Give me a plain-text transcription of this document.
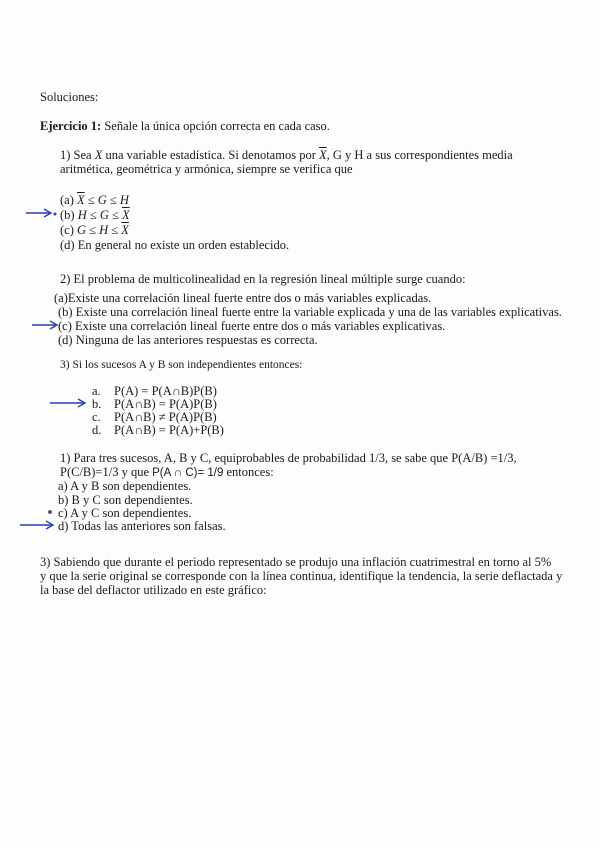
Soluciones:
Ejercicio 1: Señale la única opción correcta en cada caso.
1) Sea X una variable estadística. Si denotamos por $\overline{X}$, G y H a sus correspondientes media
aritmética, geométrica y armónica, siempre se verifica que
(a) $\overline{X} \le G \le H$
(b) $H \le G \le \overline{X}$
(c) $G \le H \le \overline{X}$
(d) En general no existe un orden establecido.
2) El problema de multicolinealidad en la regresión lineal múltiple surge cuando:
(a)Existe una correlación lineal fuerte entre dos o más variables explicadas.
(b) Existe una correlación lineal fuerte entre la variable explicada y una de las variables explicativas.
(c) Existe una correlación lineal fuerte entre dos o más variables explicativas.
(d) Ninguna de las anteriores respuestas es correcta.
3) Si los sucesos A y B son independientes entonces:
a. P(A) = P(A∩B)P(B)
b. P(A∩B) = P(A)P(B)
c. P(A∩B) ≠ P(A)P(B)
d. P(A∩B) = P(A)+P(B)
1) Para tres sucesos, A, B y C, equiprobables de probabilidad 1/3, se sabe que P(A/B) =1/3,
P(C/B)=1/3 y que P(A ∩ C)= 1/9 entonces:
a) A y B son dependientes.
b) B y C son dependientes.
c) A y C son dependientes.
d) Todas las anteriores son falsas.
3) Sabiendo que durante el periodo representado se produjo una inflación cuatrimestral en torno al 5%
y que la serie original se corresponde con la línea continua, identifique la tendencia, la serie deflactada y
la base del deflactor utilizado en este gráfico:
